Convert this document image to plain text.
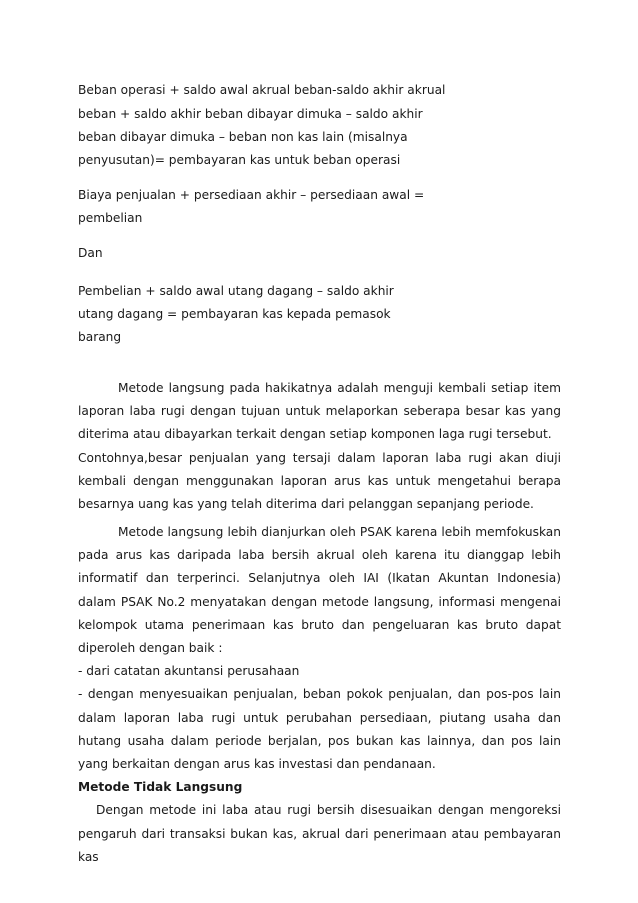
Beban operasi + saldo awal akrual beban-saldo akhir akrual
beban + saldo akhir beban dibayar dimuka – saldo akhir
beban dibayar dimuka – beban non kas lain (misalnya
penyusutan)= pembayaran kas untuk beban operasi
Biaya penjualan + persediaan akhir – persediaan awal =
pembelian
Dan
Pembelian + saldo awal utang dagang – saldo akhir
utang dagang = pembayaran kas kepada pemasok
barang

Metode langsung pada hakikatnya adalah menguji kembali setiap item laporan laba rugi dengan tujuan untuk melaporkan seberapa besar kas yang diterima atau dibayarkan terkait dengan setiap komponen laga rugi tersebut.

Contohnya,besar penjualan yang tersaji dalam laporan laba rugi akan diuji kembali dengan menggunakan laporan arus kas untuk mengetahui berapa besarnya uang kas yang telah diterima dari pelanggan sepanjang periode.

Metode langsung lebih dianjurkan oleh PSAK karena lebih memfokuskan pada arus kas daripada laba bersih akrual oleh karena itu dianggap lebih informatif dan terperinci. Selanjutnya oleh IAI (Ikatan Akuntan Indonesia) dalam PSAK No.2 menyatakan dengan metode langsung, informasi mengenai kelompok utama penerimaan kas bruto dan pengeluaran kas bruto dapat diperoleh dengan baik :

- dari catatan akuntansi perusahaan

- dengan menyesuaikan penjualan, beban pokok penjualan, dan pos-pos lain dalam laporan laba rugi untuk perubahan persediaan, piutang usaha dan hutang usaha dalam periode berjalan, pos bukan kas lainnya, dan pos lain yang berkaitan dengan arus kas investasi dan pendanaan.

Metode Tidak Langsung

Dengan metode ini laba atau rugi bersih disesuaikan dengan mengoreksi pengaruh dari transaksi bukan kas, akrual dari penerimaan atau pembayaran kas
